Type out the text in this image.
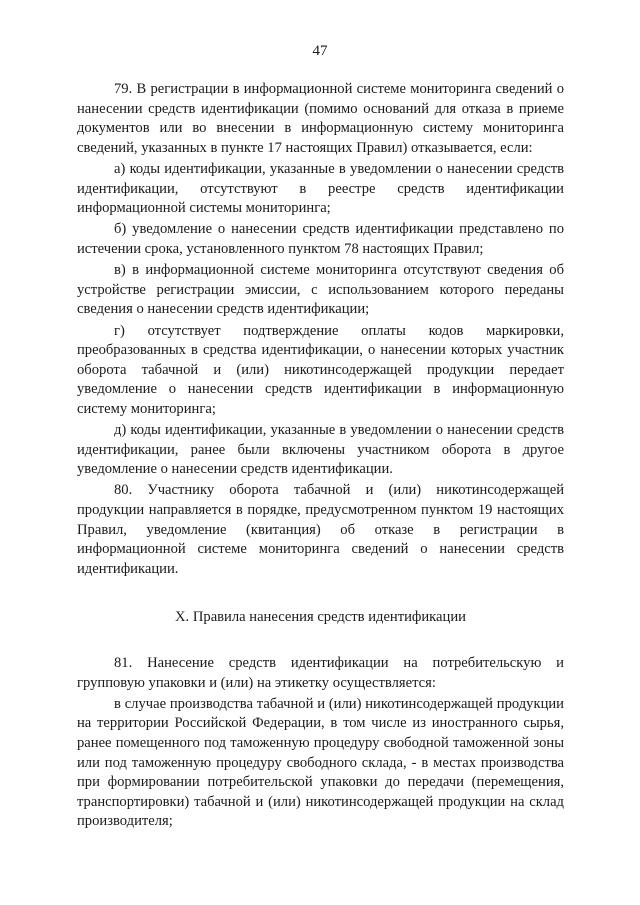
47

79. В регистрации в информационной системе мониторинга сведений о нанесении средств идентификации (помимо оснований для отказа в приеме документов или во внесении в информационную систему мониторинга сведений, указанных в пункте 17 настоящих Правил) отказывается, если:

а) коды идентификации, указанные в уведомлении о нанесении средств идентификации, отсутствуют в реестре средств идентификации информационной системы мониторинга;

б) уведомление о нанесении средств идентификации представлено по истечении срока, установленного пунктом 78 настоящих Правил;

в) в информационной системе мониторинга отсутствуют сведения об устройстве регистрации эмиссии, с использованием которого переданы сведения о нанесении средств идентификации;

г) отсутствует подтверждение оплаты кодов маркировки, преобразованных в средства идентификации, о нанесении которых участник оборота табачной и (или) никотинсодержащей продукции передает уведомление о нанесении средств идентификации в информационную систему мониторинга;

д) коды идентификации, указанные в уведомлении о нанесении средств идентификации, ранее были включены участником оборота в другое уведомление о нанесении средств идентификации.

80. Участнику оборота табачной и (или) никотинсодержащей продукции направляется в порядке, предусмотренном пунктом 19 настоящих Правил, уведомление (квитанция) об отказе в регистрации в информационной системе мониторинга сведений о нанесении средств идентификации.

X. Правила нанесения средств идентификации

81. Нанесение средств идентификации на потребительскую и групповую упаковки и (или) на этикетку осуществляется:

в случае производства табачной и (или) никотинсодержащей продукции на территории Российской Федерации, в том числе из иностранного сырья, ранее помещенного под таможенную процедуру свободной таможенной зоны или под таможенную процедуру свободного склада, - в местах производства при формировании потребительской упаковки до передачи (перемещения, транспортировки) табачной и (или) никотинсодержащей продукции на склад производителя;
